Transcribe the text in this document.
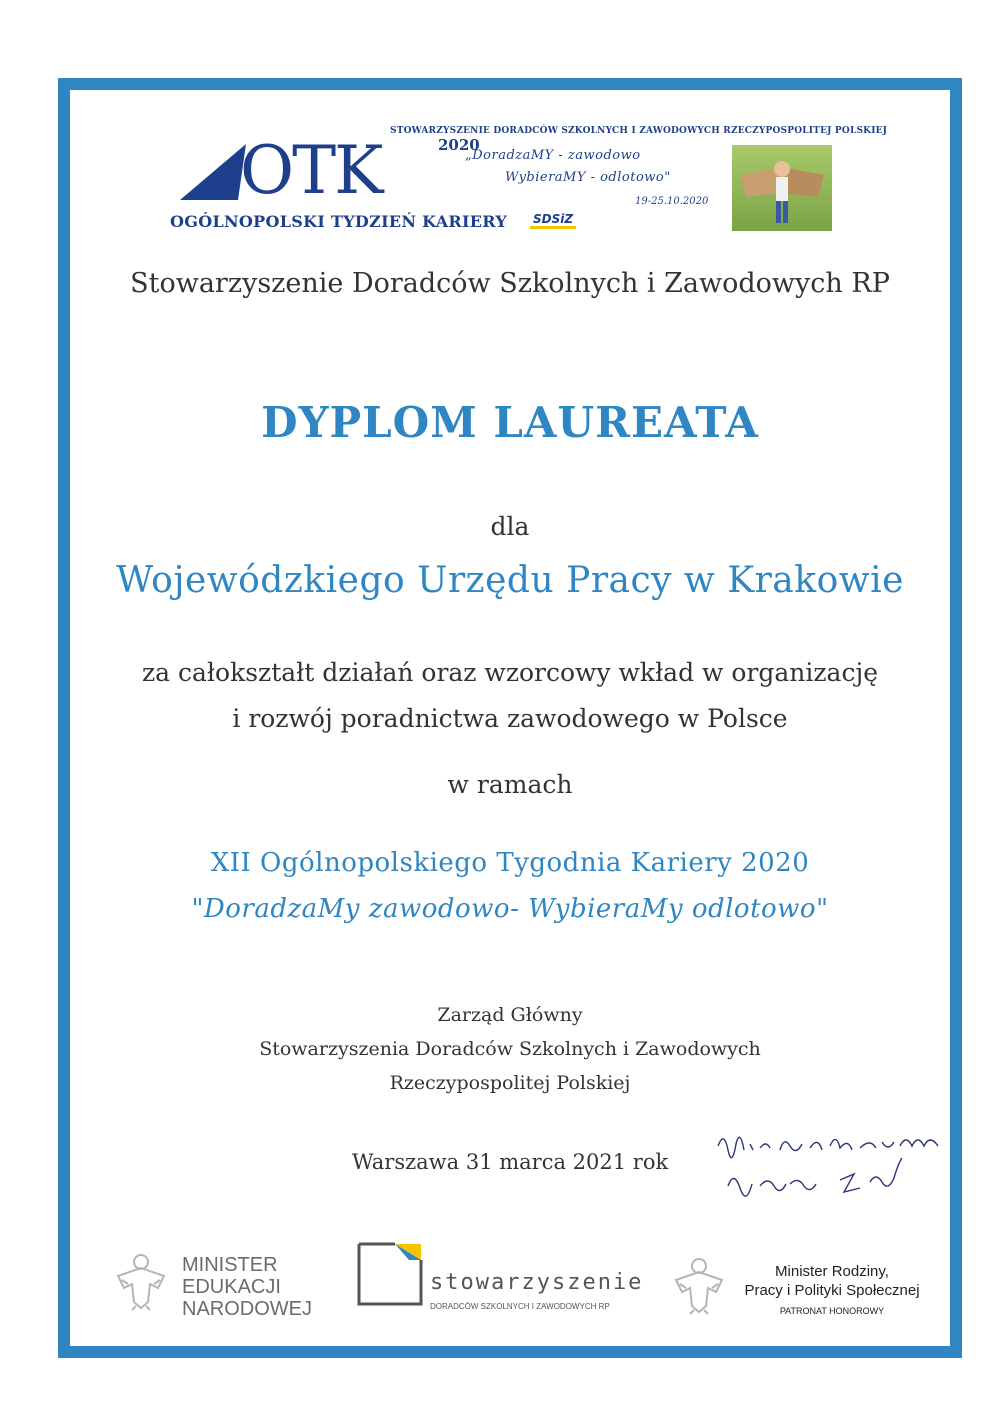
STOWARZYSZENIE DORADCÓW SZKOLNYCH I ZAWODOWYCH RZECZYPOSPOLITEJ POLSKIEJ
OTK	2020
OGÓLNOPOLSKI TYDZIEŃ KARIERY SDSiZ
„DoradzaMY - zawodowo
WybieraMY - odlotowo"
19-25.10.2020
Stowarzyszenie Doradców Szkolnych i Zawodowych RP
DYPLOM LAUREATA
dla
Wojewódzkiego Urzędu Pracy w Krakowie
za całokształt działań oraz wzorcowy wkład w organizację
i rozwój poradnictwa zawodowego w Polsce
w ramach
XII Ogólnopolskiego Tygodnia Kariery 2020
"DoradzaMy zawodowo- WybieraMy odlotowo"
Zarząd Główny
Stowarzyszenia Doradców Szkolnych i Zawodowych
Rzeczypospolitej Polskiej
Warszawa 31 marca 2021 rok
MINISTER
EDUKACJI
NARODOWEJ
stowarzyszenie
DORADCÓW SZKOLNYCH I ZAWODOWYCH RP
Minister Rodziny,
Pracy i Polityki Społecznej
PATRONAT HONOROWY
